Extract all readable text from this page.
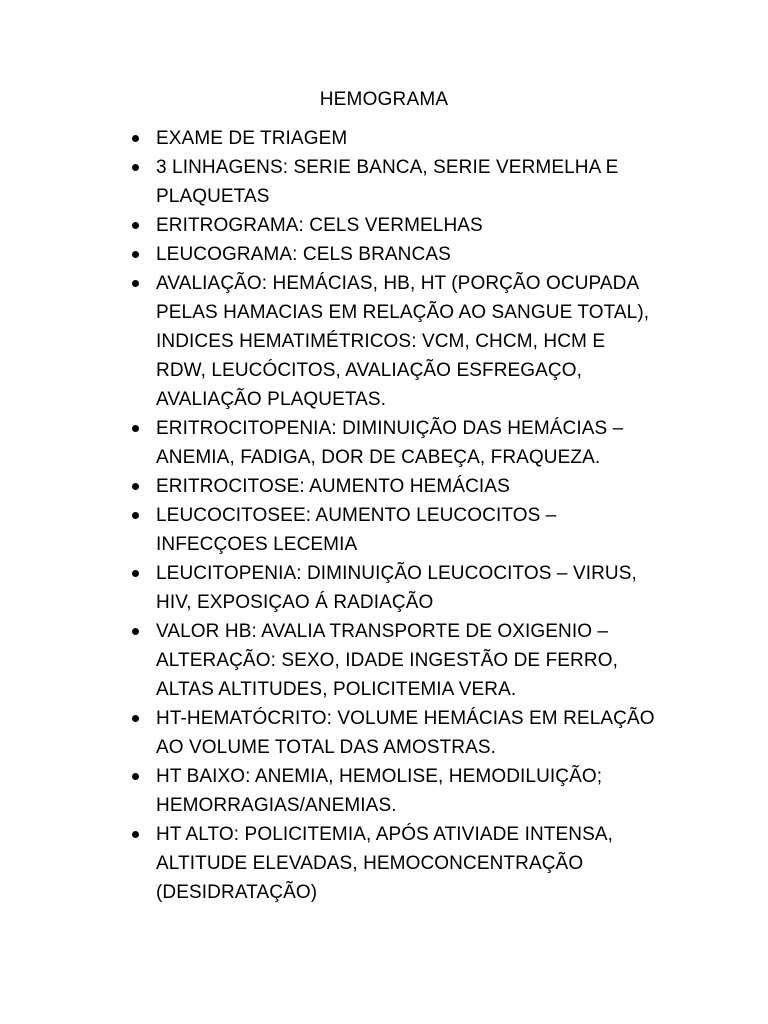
HEMOGRAMA
EXAME DE TRIAGEM
3 LINHAGENS: SERIE BANCA, SERIE VERMELHA E PLAQUETAS
ERITROGRAMA: CELS VERMELHAS
LEUCOGRAMA: CELS BRANCAS
AVALIAÇÃO: HEMÁCIAS, HB, HT (PORÇÃO OCUPADA PELAS HAMACIAS EM RELAÇÃO AO SANGUE TOTAL), INDICES HEMATIMÉTRICOS: VCM, CHCM, HCM E RDW, LEUCÓCITOS, AVALIAÇÃO ESFREGAÇO, AVALIAÇÃO PLAQUETAS.
ERITROCITOPENIA: DIMINUIÇÃO DAS HEMÁCIAS – ANEMIA, FADIGA, DOR DE CABEÇA, FRAQUEZA.
ERITROCITOSE: AUMENTO HEMÁCIAS
LEUCOCITOSEE: AUMENTO LEUCOCITOS – INFECÇOES LECEMIA
LEUCITOPENIA: DIMINUIÇÃO LEUCOCITOS – VIRUS, HIV, EXPOSIÇAO Á RADIAÇÃO
VALOR HB: AVALIA TRANSPORTE DE OXIGENIO – ALTERAÇÃO: SEXO, IDADE INGESTÃO DE FERRO, ALTAS ALTITUDES, POLICITEMIA VERA.
HT-HEMATÓCRITO: VOLUME HEMÁCIAS EM RELAÇÃO AO VOLUME TOTAL DAS AMOSTRAS.
HT BAIXO: ANEMIA, HEMOLISE, HEMODILUIÇÃO; HEMORRAGIAS/ANEMIAS.
HT ALTO: POLICITEMIA, APÓS ATIVIADE INTENSA, ALTITUDE ELEVADAS, HEMOCONCENTRAÇÃO (DESIDRATAÇÃO)
